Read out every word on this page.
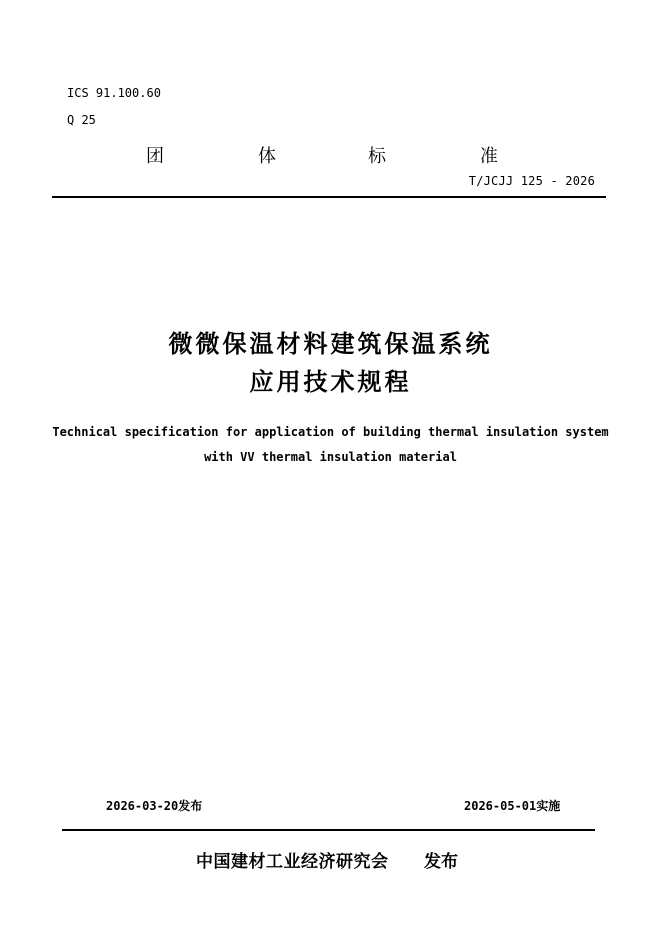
ICS 91.100.60
Q 25
团	体	标	准
T/JCJJ 125 - 2026
微微保温材料建筑保温系统
应用技术规程
Technical specification for application of building thermal insulation system
with VV thermal insulation material
2026-03-20发布	2026-05-01实施
中国建材工业经济研究会 发布
